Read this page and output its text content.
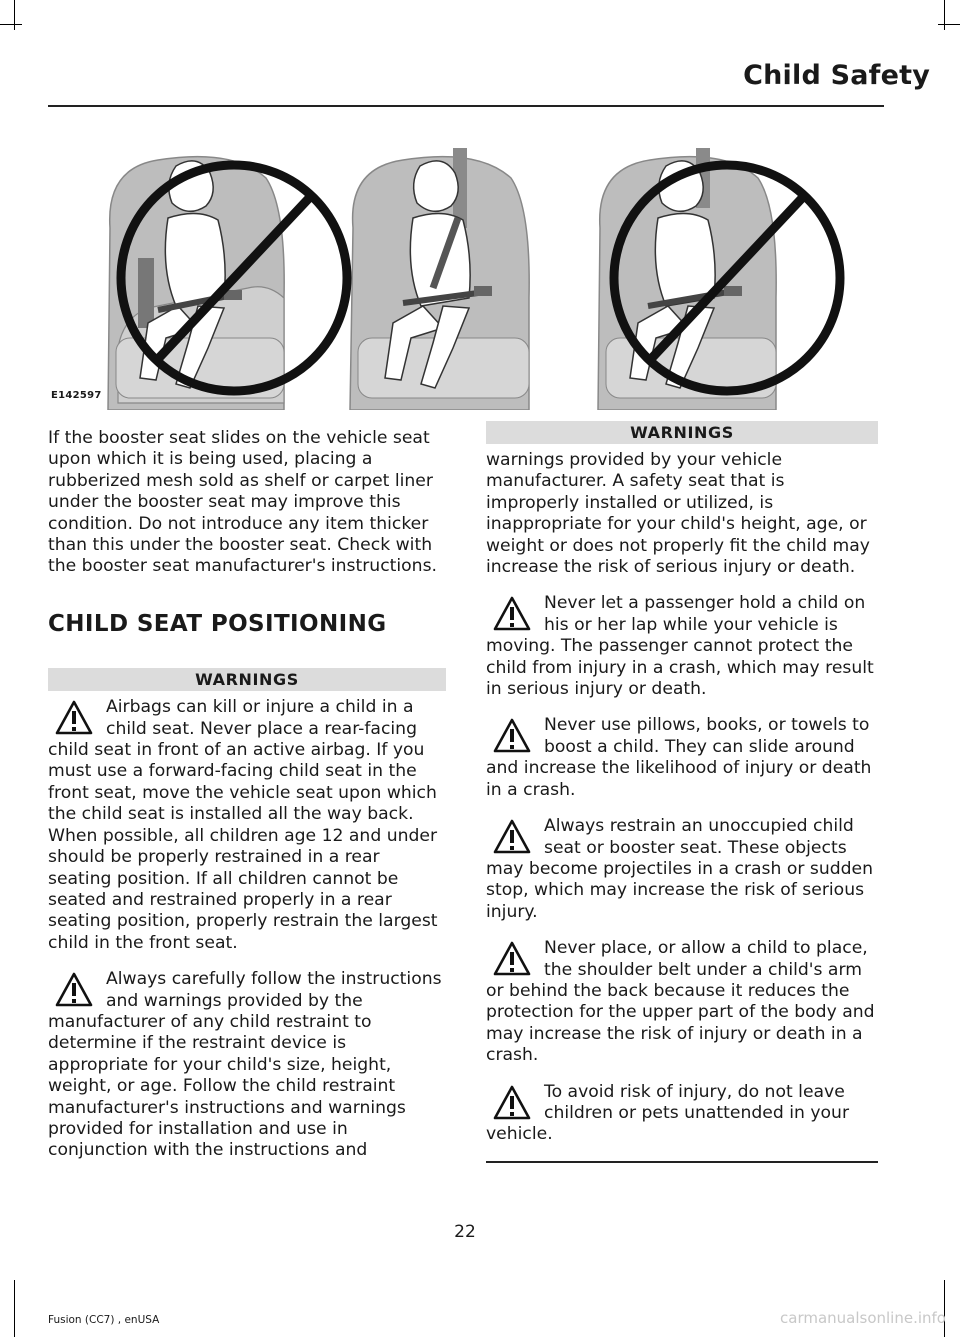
Child Safety
E142597

If the booster seat slides on the vehicle seat upon which it is being used, placing a rubberized mesh sold as shelf or carpet liner under the booster seat may improve this condition. Do not introduce any item thicker than this under the booster seat. Check with the booster seat manufacturer's instructions.

CHILD SEAT POSITIONING
WARNINGS
Airbags can kill or injure a child in a child seat. Never place a rear-facing child seat in front of an active airbag. If you must use a forward-facing child seat in the front seat, move the vehicle seat upon which the child seat is installed all the way back. When possible, all children age 12 and under should be properly restrained in a rear seating position. If all children cannot be seated and restrained properly in a rear seating position, properly restrain the largest child in the front seat.
Always carefully follow the instructions and warnings provided by the manufacturer of any child restraint to determine if the restraint device is appropriate for your child's size, height, weight, or age. Follow the child restraint manufacturer's instructions and warnings provided for installation and use in conjunction with the instructions and
WARNINGS

warnings provided by your vehicle manufacturer. A safety seat that is improperly installed or utilized, is inappropriate for your child's height, age, or weight or does not properly fit the child may increase the risk of serious injury or death.

Never let a passenger hold a child on his or her lap while your vehicle is moving. The passenger cannot protect the child from injury in a crash, which may result in serious injury or death.
Never use pillows, books, or towels to boost a child. They can slide around and increase the likelihood of injury or death in a crash.
Always restrain an unoccupied child seat or booster seat. These objects may become projectiles in a crash or sudden stop, which may increase the risk of serious injury.
Never place, or allow a child to place, the shoulder belt under a child's arm or behind the back because it reduces the protection for the upper part of the body and may increase the risk of injury or death in a crash.
To avoid risk of injury, do not leave children or pets unattended in your vehicle.
22
Fusion (CC7) , enUSA	carmanualsonline.info
